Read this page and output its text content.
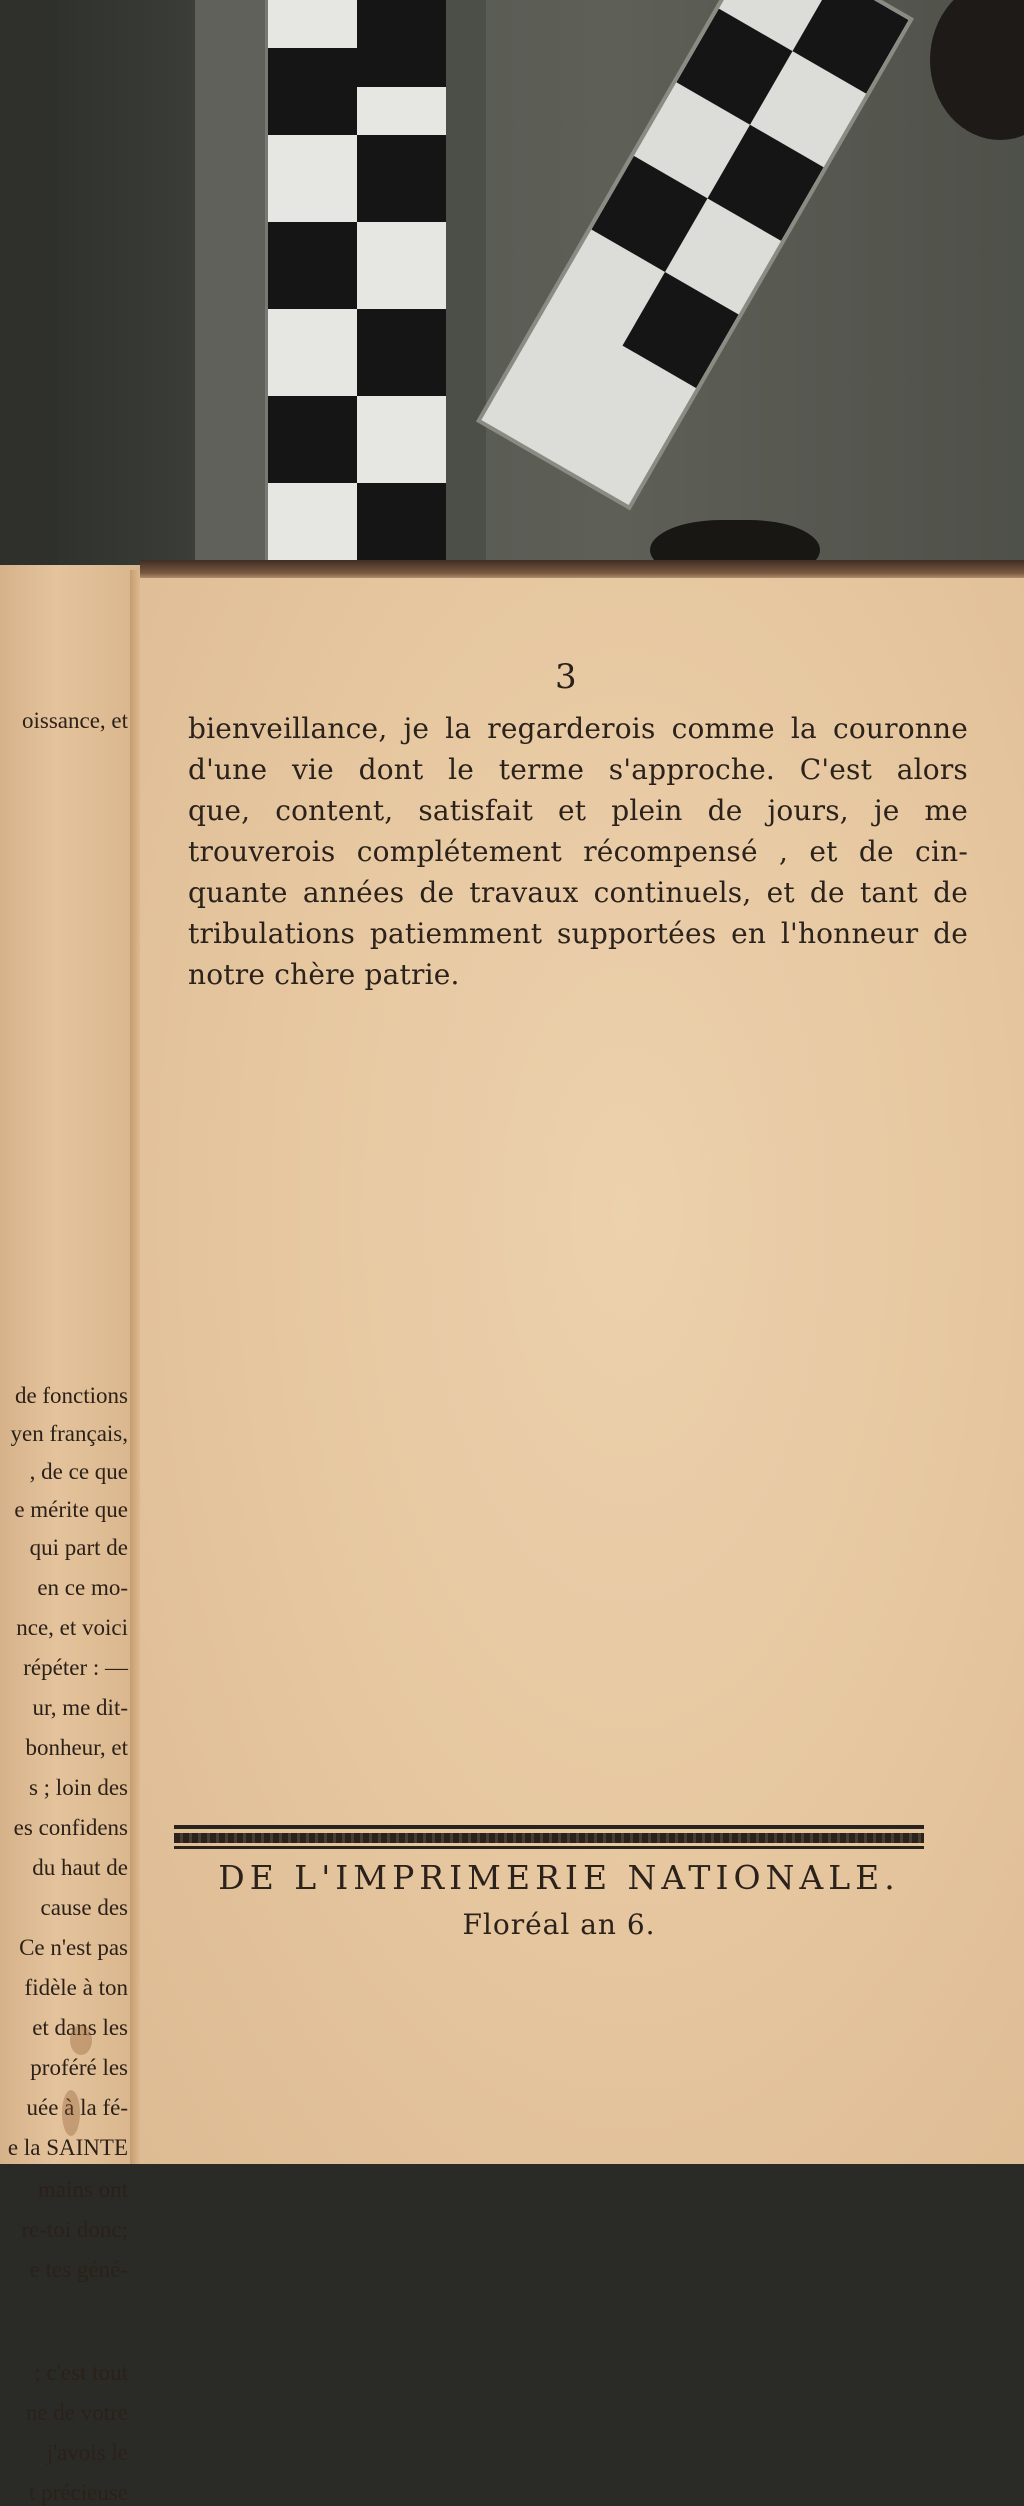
oissance, et
de fonctions
yen français,
, de ce que
e mérite que
qui part de
en ce mo-
nce, et voici
répéter : —
ur, me dit-
bonheur, et
s ; loin des
es confidens
du haut de
cause des
Ce n'est pas
fidèle à ton
et dans les
proféré les
uée à la fé-
e la SAINTE
mains ont
re-toi donc;
e tes géné-
; c'est tout
ne de votre
j'avois le
t précieuse
3
bienveillance, je la regarderois comme la couronne
d'une vie dont le terme s'approche. C'est alors
que, content, satisfait et plein de jours, je me
trouverois complétement récompensé , et de cin-
quante années de travaux continuels, et de tant de
tribulations patiemment supportées en l'honneur de
notre chère patrie.
DE L'IMPRIMERIE NATIONALE.
Floréal an 6.
